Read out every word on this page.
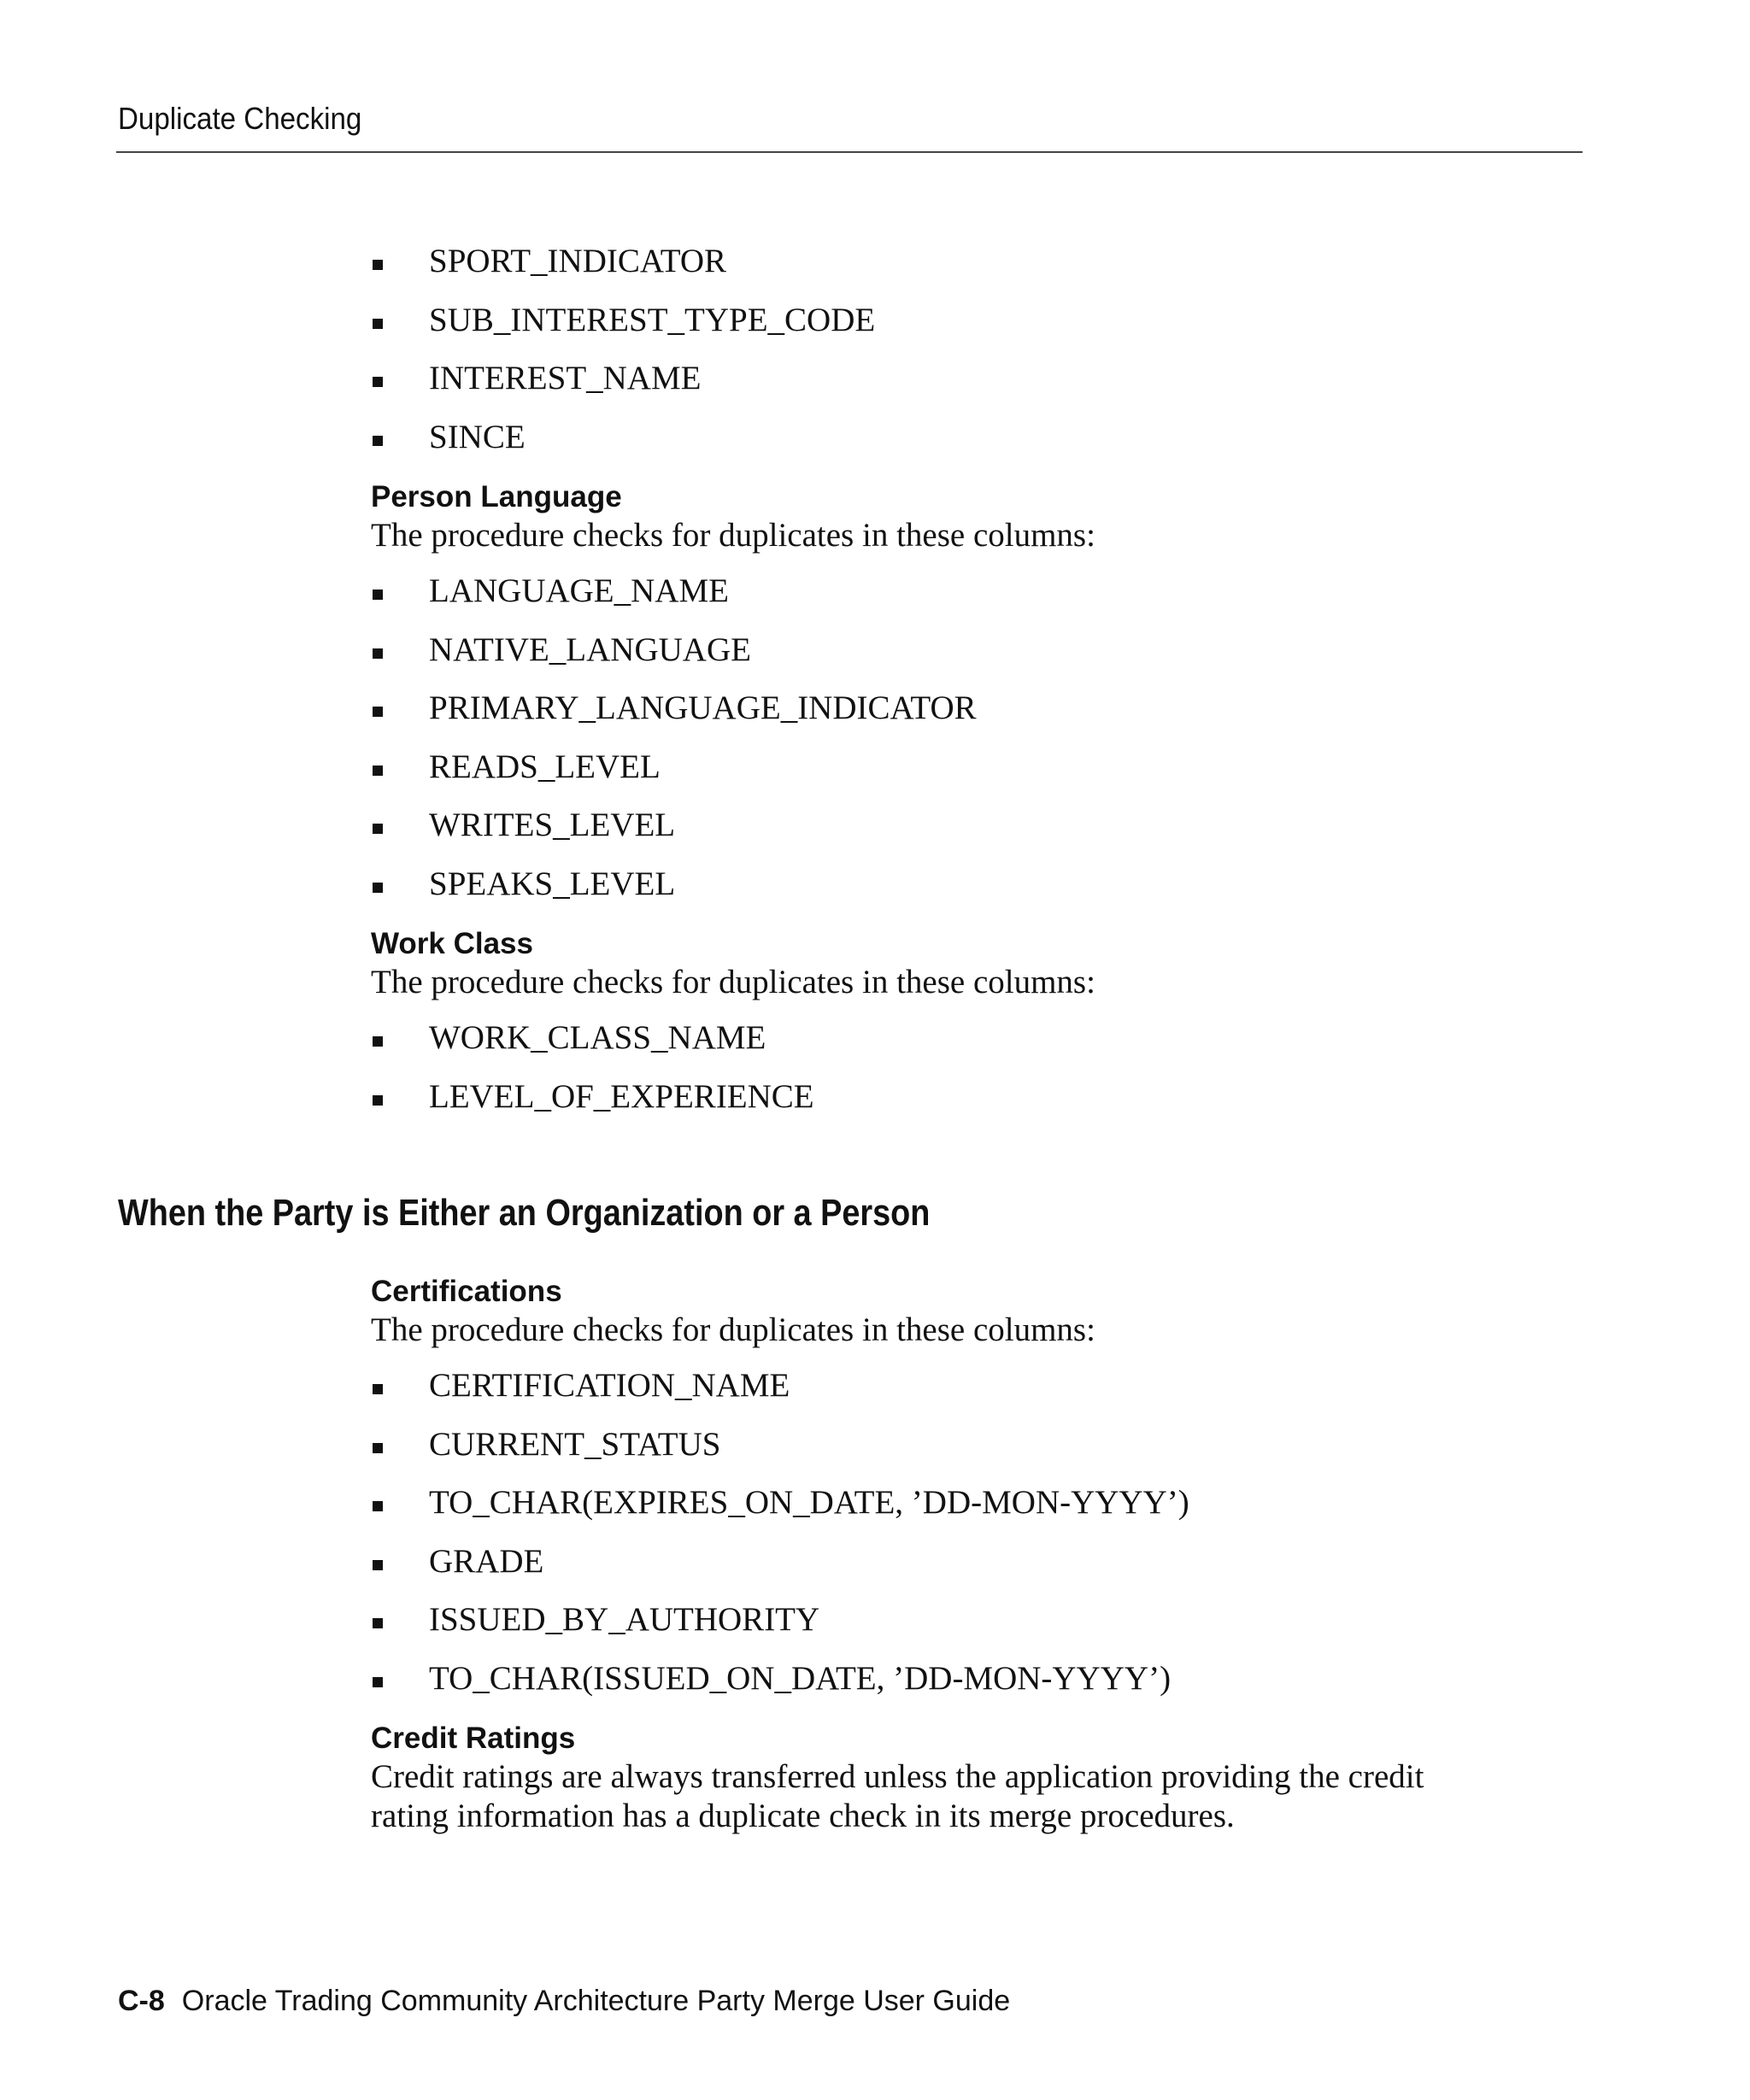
Duplicate Checking
SPORT_INDICATOR
SUB_INTEREST_TYPE_CODE
INTEREST_NAME
SINCE
Person Language

The procedure checks for duplicates in these columns:

LANGUAGE_NAME
NATIVE_LANGUAGE
PRIMARY_LANGUAGE_INDICATOR
READS_LEVEL
WRITES_LEVEL
SPEAKS_LEVEL
Work Class

The procedure checks for duplicates in these columns:

WORK_CLASS_NAME
LEVEL_OF_EXPERIENCE
When the Party is Either an Organization or a Person
Certifications

The procedure checks for duplicates in these columns:

CERTIFICATION_NAME
CURRENT_STATUS
TO_CHAR(EXPIRES_ON_DATE, ’DD-MON-YYYY’)
GRADE
ISSUED_BY_AUTHORITY
TO_CHAR(ISSUED_ON_DATE, ’DD-MON-YYYY’)
Credit Ratings

Credit ratings are always transferred unless the application providing the credit

rating information has a duplicate check in its merge procedures.

C-8 Oracle Trading Community Architecture Party Merge User Guide
